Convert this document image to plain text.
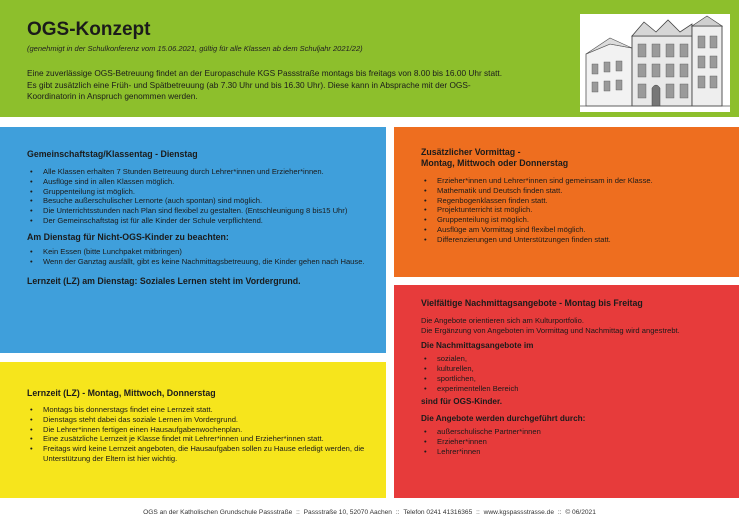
OGS-Konzept
(genehmigt in der Schulkonferenz vom 15.06.2021, gültig für alle Klassen ab dem Schuljahr 2021/22)
Eine zuverlässige OGS-Betreuung findet an der Europaschule KGS Passstraße montags bis freitags von 8.00 bis 16.00 Uhr statt.
Es gibt zusätzlich eine Früh- und Spätbetreuung (ab 7.30 Uhr und bis 16.30 Uhr). Diese kann in Absprache mit der OGS-
Koordinatorin in Anspruch genommen werden.
Gemeinschaftstag/Klassentag - Dienstag
• Alle Klassen erhalten 7 Stunden Betreuung durch Lehrer*innen und Erzieher*innen.
• Ausflüge sind in allen Klassen möglich.
• Gruppenteilung ist möglich.
• Besuche außerschulischer Lernorte (auch spontan) sind möglich.
• Die Unterrichtsstunden nach Plan sind flexibel zu gestalten. (Entschleunigung 8 bis15 Uhr)
• Der Gemeinschaftstag ist für alle Kinder der Schule verpflichtend.
Am Dienstag für Nicht-OGS-Kinder zu beachten:
• Kein Essen (bitte Lunchpaket mitbringen)
• Wenn der Ganztag ausfällt, gibt es keine Nachmittagsbetreuung, die Kinder gehen nach Hause.
Lernzeit (LZ) am Dienstag: Soziales Lernen steht im Vordergrund.
Lernzeit (LZ) - Montag, Mittwoch, Donnerstag
• Montags bis donnerstags findet eine Lernzeit statt.
• Dienstags steht dabei das soziale Lernen im Vordergrund.
• Die Lehrer*innen fertigen einen Hausaufgabenwochenplan.
• Eine zusätzliche Lernzeit je Klasse findet mit Lehrer*innen und Erzieher*innen statt.
• Freitags wird keine Lernzeit angeboten, die Hausaufgaben sollen zu Hause erledigt werden, die Unterstützung der Eltern ist hier wichtig.
Zusätzlicher Vormittag -
Montag, Mittwoch oder Donnerstag
• Erzieher*innen und Lehrer*innen sind gemeinsam in der Klasse.
• Mathematik und Deutsch finden statt.
• Regenbogenklassen finden statt.
• Projektunterricht ist möglich.
• Gruppenteilung ist möglich.
• Ausflüge am Vormittag sind flexibel möglich.
• Differenzierungen und Unterstützungen finden statt.
Vielfältige Nachmittagsangebote - Montag bis Freitag
Die Angebote orientieren sich am Kulturportfolio.
Die Ergänzung von Angeboten im Vormittag und Nachmittag wird angestrebt.
Die Nachmittagsangebote im
• sozialen,
• kulturellen,
• sportlichen,
• experimentellen Bereich
sind für OGS-Kinder.
Die Angebote werden durchgeführt durch:
• außerschulische Partner*innen
• Erzieher*innen
• Lehrer*innen
OGS an der Katholischen Grundschule Passstraße :: Passstraße 10, 52070 Aachen :: Telefon 0241 41316365 :: www.kgspassstrasse.de :: © 06/2021
